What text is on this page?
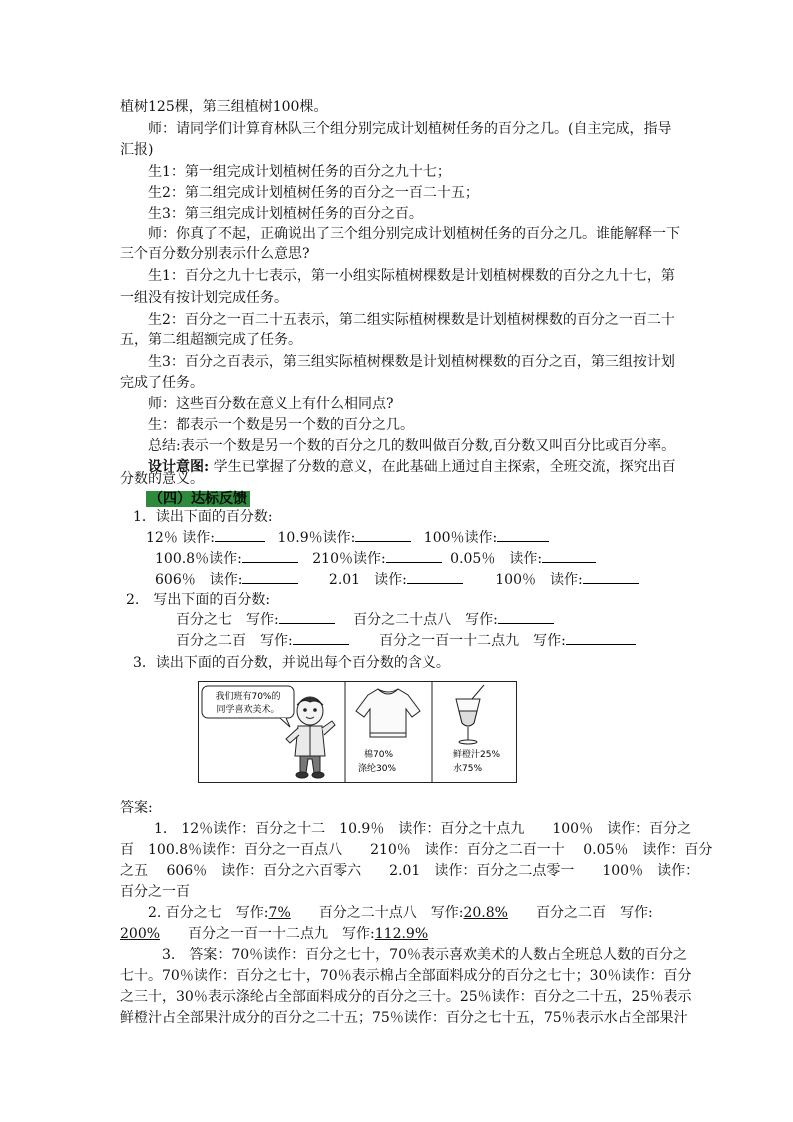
植树125棵，第三组植树100棵。
师：请同学们计算育林队三个组分别完成计划植树任务的百分之几。(自主完成，指导
汇报)
生1：第一组完成计划植树任务的百分之九十七；
生2：第二组完成计划植树任务的百分之一百二十五；
生3：第三组完成计划植树任务的百分之百。
师：你真了不起，正确说出了三个组分别完成计划植树任务的百分之几。谁能解释一下
三个百分数分别表示什么意思?
生1：百分之九十七表示，第一小组实际植树棵数是计划植树棵数的百分之九十七，第
一组没有按计划完成任务。
生2：百分之一百二十五表示，第二组实际植树棵数是计划植树棵数的百分之一百二十
五，第二组超额完成了任务。
生3：百分之百表示，第三组实际植树棵数是计划植树棵数的百分之百，第三组按计划
完成了任务。
师：这些百分数在意义上有什么相同点?
生：都表示一个数是另一个数的百分之几。
总结:表示一个数是另一个数的百分之几的数叫做百分数,百分数又叫百分比或百分率。
设计意图: 学生已掌握了分数的意义，在此基础上通过自主探索，全班交流，探究出百
分数的意义。
（四）达标反馈
1．读出下面的百分数:
12％ 读作:	10.9％读作:	100％读作:
100.8％读作:	210％读作:	0.05％　读作:
606％　读作:	2.01　读作:	100％　读作:
2.　写出下面的百分数:
百分之七　写作:	百分之二十点八　写作:
百分之二百　写作:	百分之一百一十二点九　写作:
3．读出下面的百分数，并说出每个百分数的含义。
我们班有70%的
同学喜欢美术。
棉70%
涤纶30%
鲜橙汁25%
水75%
答案:
1． 12％读作：百分之十二　10.9％　读作：百分之十点九　　100％　读作：百分之
百　100.8％读作：百分之一百点八　　210％　读作：百分之二百一十　 0.05％　读作：百分
之五　 606％　读作：百分之六百零六　　2.01　读作：百分之二点零一　　100％　读作：
百分之一百
2. 百分之七　写作:7%　　百分之二十点八　写作:20.8%　　百分之二百　写作:
200%　　百分之一百一十二点九　写作:112.9%
3.　答案：70％读作：百分之七十，70％表示喜欢美术的人数占全班总人数的百分之
七十。70％读作：百分之七十，70％表示棉占全部面料成分的百分之七十；30％读作：百分
之三十，30％表示涤纶占全部面料成分的百分之三十。25％读作：百分之二十五，25％表示
鲜橙汁占全部果汁成分的百分之二十五；75％读作：百分之七十五，75％表示水占全部果汁
